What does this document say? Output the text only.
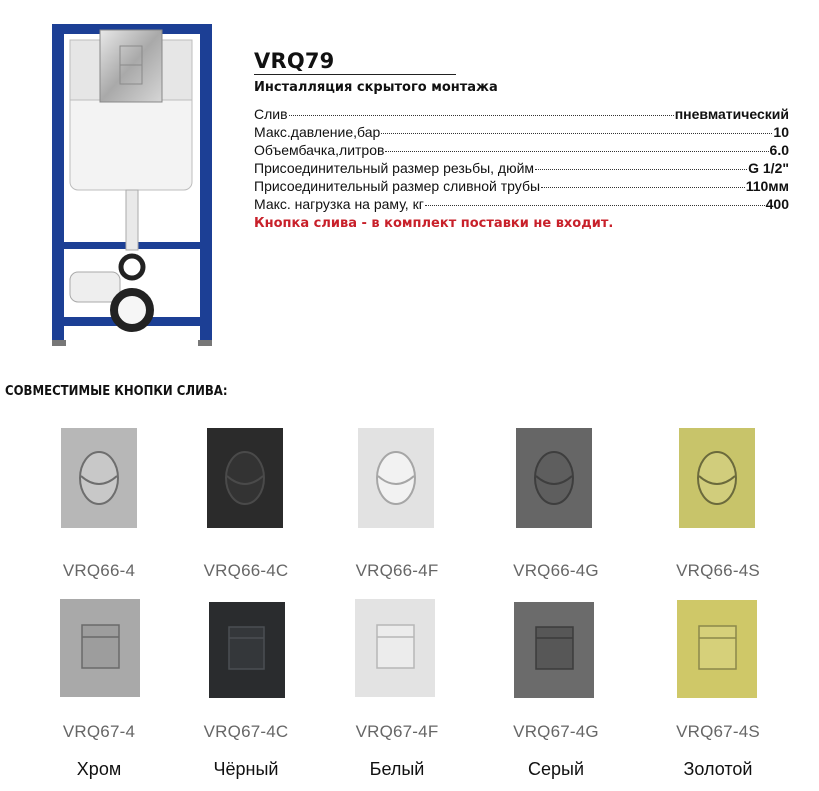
VRQ79
Инсталляция скрытого монтажа
Слив	пневматический
Макс.давление,бар	10
Объембачка,литров	6.0
Присоединительный размер резьбы, дюйм	G 1/2"
Присоединительный размер сливной трубы	110мм
Макс. нагрузка на раму, кг	400
Кнопка слива - в комплект поставки не входит.
СОВМЕСТИМЫЕ КНОПКИ СЛИВА:
VRQ66-4	VRQ66-4C	VRQ66-4F	VRQ66-4G	VRQ66-4S
VRQ67-4	VRQ67-4C	VRQ67-4F	VRQ67-4G	VRQ67-4S
Хром	Чёрный	Белый	Серый	Золотой
